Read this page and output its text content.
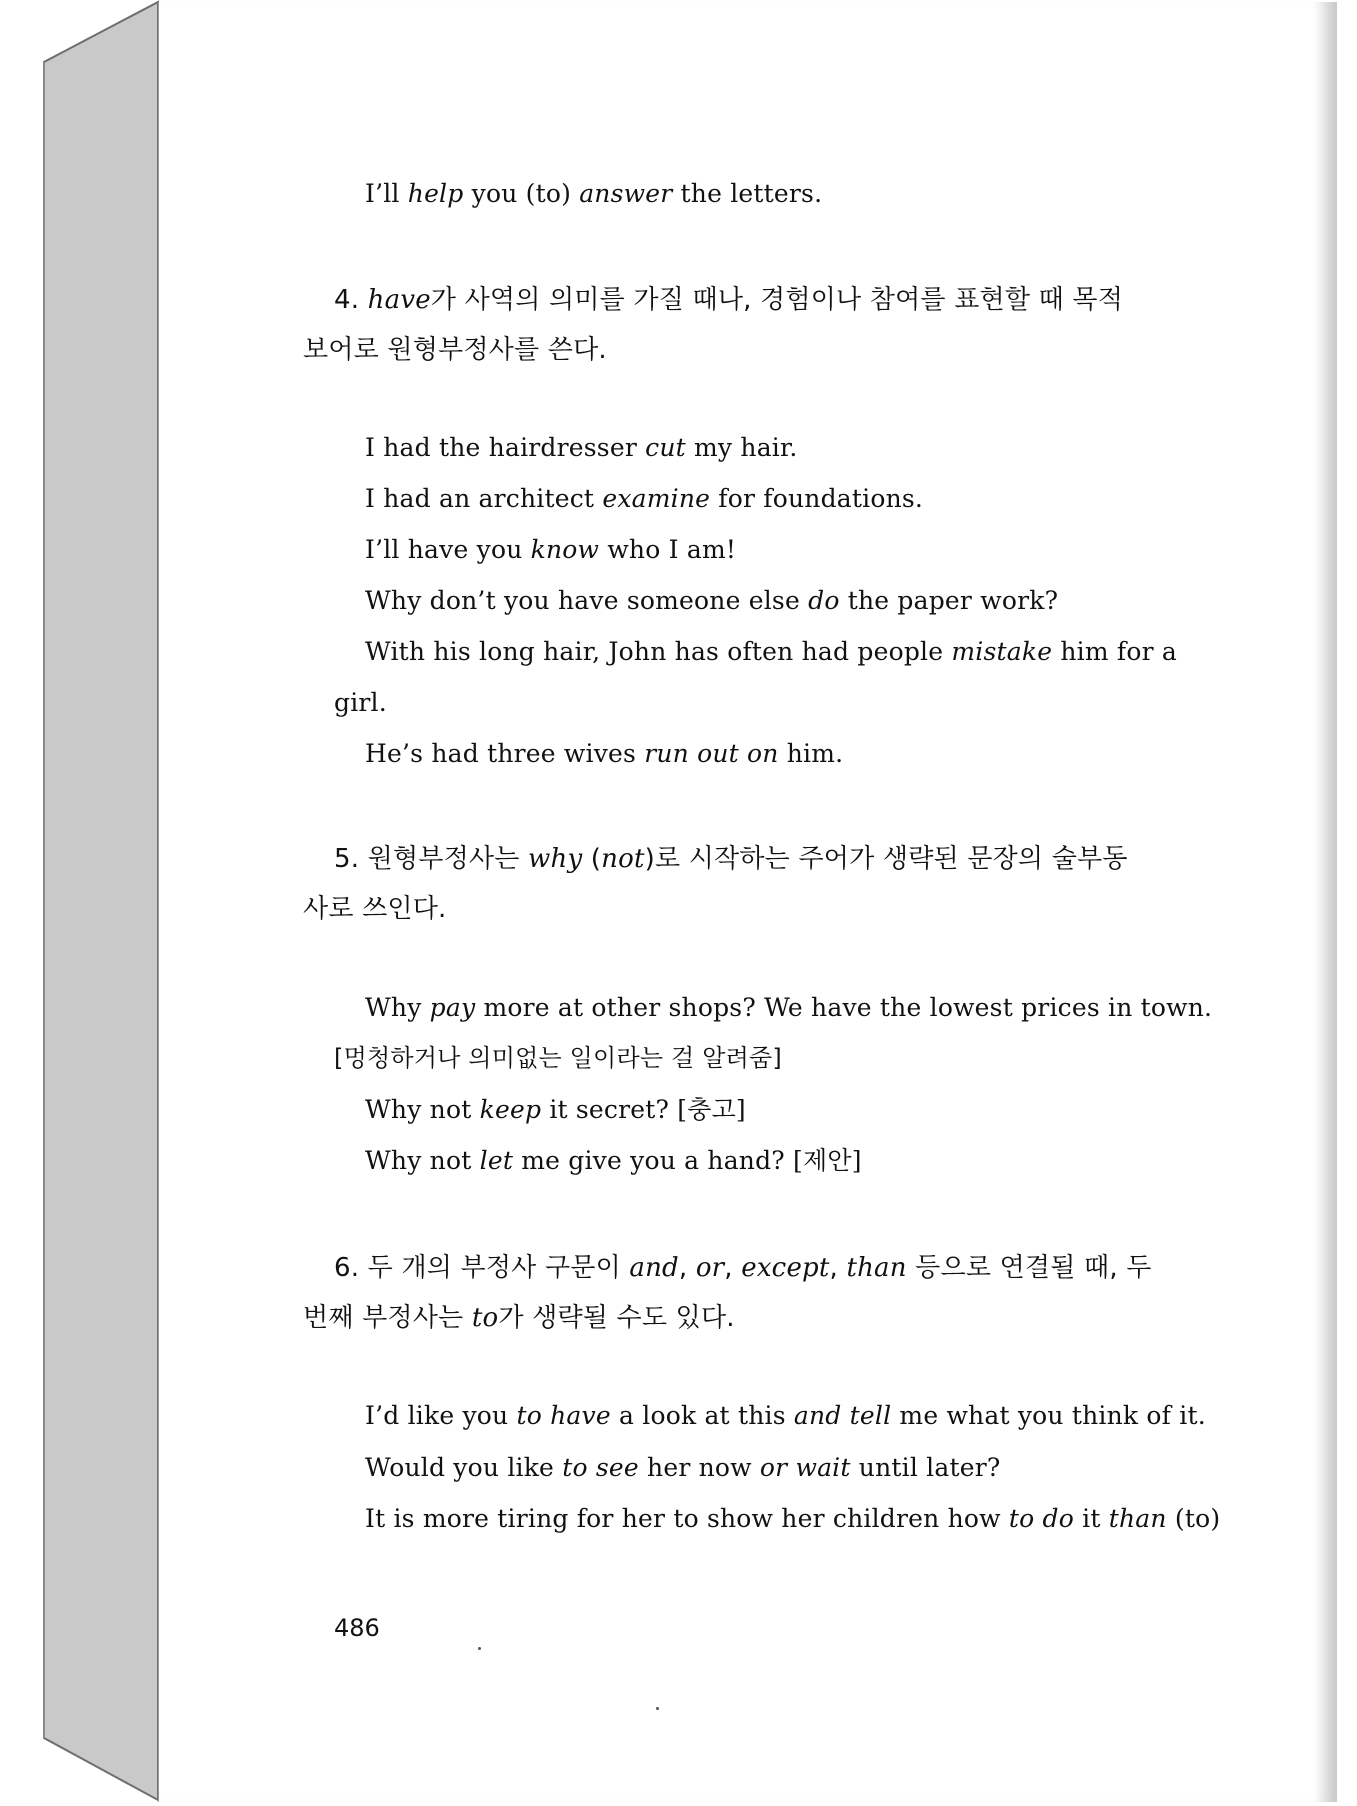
I’ll help you (to) answer the letters.
4. have가 사역의 의미를 가질 때나, 경험이나 참여를 표현할 때 목적
보어로 원형부정사를 쓴다.
I had the hairdresser cut my hair.
I had an architect examine for foundations.
I’ll have you know who I am!
Why don’t you have someone else do the paper work?
With his long hair, John has often had people mistake him for a
girl.
He’s had three wives run out on him.
5. 원형부정사는 why (not)로 시작하는 주어가 생략된 문장의 술부동
사로 쓰인다.
Why pay more at other shops? We have the lowest prices in town.
[멍청하거나 의미없는 일이라는 걸 알려줌]
Why not keep it secret? [충고]
Why not let me give you a hand? [제안]
6. 두 개의 부정사 구문이 and, or, except, than 등으로 연결될 때, 두
번째 부정사는 to가 생략될 수도 있다.
I’d like you to have a look at this and tell me what you think of it.
Would you like to see her now or wait until later?
It is more tiring for her to show her children how to do it than (to)
486
